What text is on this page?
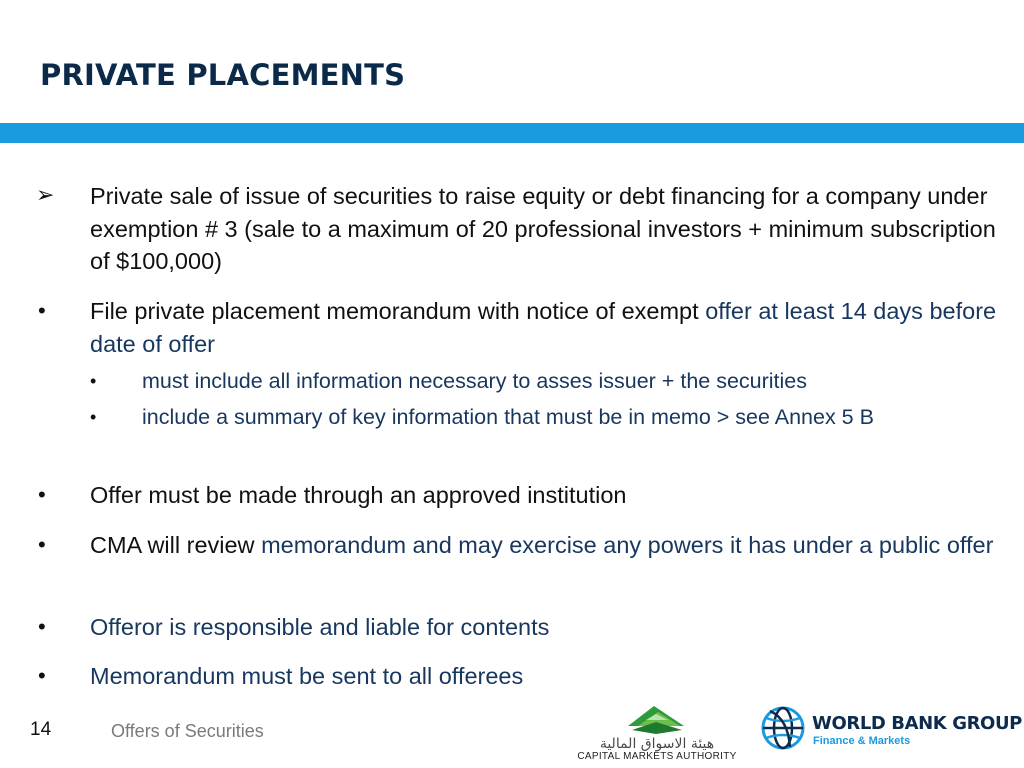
PRIVATE PLACEMENTS
➢ Private sale of issue of securities to raise equity or debt financing for a company under exemption # 3 (sale to a maximum of 20 professional investors + minimum subscription of $100,000)
• File private placement memorandum with notice of exempt offer at least 14 days before date of offer
• must include all information necessary to asses issuer + the securities
• include a summary of key information that must be in memo > see Annex 5 B
• Offer must be made through an approved institution
• CMA will review memorandum and may exercise any powers it has under a public offer
• Offeror is responsible and liable for contents
• Memorandum must be sent to all offerees
14	Offers of Securities
هيئة الاسواق المالية
CAPITAL MARKETS AUTHORITY
WORLD BANK GROUP
Finance & Markets
